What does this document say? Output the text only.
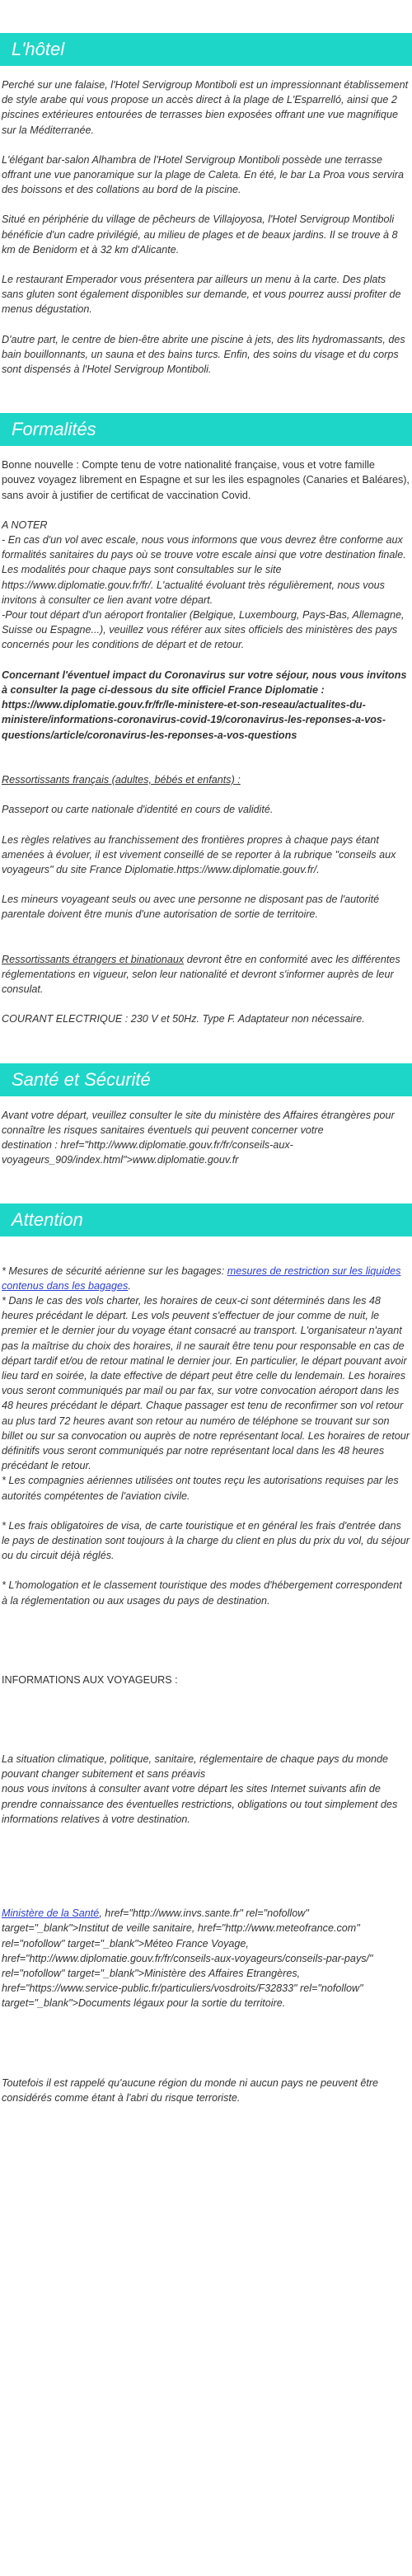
L'hôtel

Perché sur une falaise, l'Hotel Servigroup Montiboli est un impressionnant établissement de style arabe qui vous propose un accès direct à la plage de L'Esparrelló, ainsi que 2 piscines extérieures entourées de terrasses bien exposées offrant une vue magnifique sur la Méditerranée.

L'élégant bar-salon Alhambra de l'Hotel Servigroup Montiboli possède une terrasse offrant une vue panoramique sur la plage de Caleta. En été, le bar La Proa vous servira des boissons et des collations au bord de la piscine.

Situé en périphérie du village de pêcheurs de Villajoyosa, l'Hotel Servigroup Montiboli bénéficie d'un cadre privilégié, au milieu de plages et de beaux jardins. Il se trouve à 8 km de Benidorm et à 32 km d'Alicante.

Le restaurant Emperador vous présentera par ailleurs un menu à la carte. Des plats sans gluten sont également disponibles sur demande, et vous pourrez aussi profiter de menus dégustation.

D'autre part, le centre de bien-être abrite une piscine à jets, des lits hydromassants, des bain bouillonnants, un sauna et des bains turcs. Enfin, des soins du visage et du corps sont dispensés à l'Hotel Servigroup Montiboli.

Formalités

Bonne nouvelle : Compte tenu de votre nationalité française, vous et votre famille pouvez voyagez librement en Espagne et sur les iles espagnoles (Canaries et Baléares), sans avoir à justifier de certificat de vaccination Covid.

A NOTER
- En cas d'un vol avec escale, nous vous informons que vous devrez être conforme aux formalités sanitaires du pays où se trouve votre escale ainsi que votre destination finale.
Les modalités pour chaque pays sont consultables sur le site https://www.diplomatie.gouv.fr/fr/. L'actualité évoluant très régulièrement, nous vous invitons à consulter ce lien avant votre départ.
-Pour tout départ d'un aéroport frontalier (Belgique, Luxembourg, Pays-Bas, Allemagne, Suisse ou Espagne...), veuillez vous référer aux sites officiels des ministères des pays concernés pour les conditions de départ et de retour.

Concernant l'éventuel impact du Coronavirus sur votre séjour, nous vous invitons à consulter la page ci-dessous du site officiel France Diplomatie : https://www.diplomatie.gouv.fr/fr/le-ministere-et-son-reseau/actualites-du-ministere/informations-coronavirus-covid-19/coronavirus-les-reponses-a-vos-questions/article/coronavirus-les-reponses-a-vos-questions

Ressortissants français (adultes, bébés et enfants) :

Passeport ou carte nationale d'identité en cours de validité.

Les règles relatives au franchissement des frontières propres à chaque pays étant amenées à évoluer, il est vivement conseillé de se reporter à la rubrique "conseils aux voyageurs" du site France Diplomatie.https://www.diplomatie.gouv.fr/.

Les mineurs voyageant seuls ou avec une personne ne disposant pas de l'autorité parentale doivent être munis d'une autorisation de sortie de territoire.

Ressortissants étrangers et binationaux devront être en conformité avec les différentes réglementations en vigueur, selon leur nationalité et devront s'informer auprès de leur consulat.

COURANT ELECTRIQUE : 230 V et 50Hz. Type F. Adaptateur non nécessaire.

Santé et Sécurité

Avant votre départ, veuillez consulter le site du ministère des Affaires étrangères pour connaître les risques sanitaires éventuels qui peuvent concerner votre
destination : href="http://www.diplomatie.gouv.fr/fr/conseils-aux-voyageurs_909/index.html">www.diplomatie.gouv.fr

Attention

* Mesures de sécurité aérienne sur les bagages: mesures de restriction sur les liquides contenus dans les bagages.

* Dans le cas des vols charter, les horaires de ceux-ci sont déterminés dans les 48 heures précédant le départ. Les vols peuvent s'effectuer de jour comme de nuit, le premier et le dernier jour du voyage étant consacré au transport. L'organisateur n'ayant pas la maîtrise du choix des horaires, il ne saurait être tenu pour responsable en cas de départ tardif et/ou de retour matinal le dernier jour. En particulier, le départ pouvant avoir lieu tard en soirée, la date effective de départ peut être celle du lendemain. Les horaires vous seront communiqués par mail ou par fax, sur votre convocation aéroport dans les 48 heures précédant le départ. Chaque passager est tenu de reconfirmer son vol retour au plus tard 72 heures avant son retour au numéro de téléphone se trouvant sur son billet ou sur sa convocation ou auprès de notre représentant local. Les horaires de retour définitifs vous seront communiqués par notre représentant local dans les 48 heures précédant le retour.
* Les compagnies aériennes utilisées ont toutes reçu les autorisations requises par les autorités compétentes de l'aviation civile.

* Les frais obligatoires de visa, de carte touristique et en général les frais d'entrée dans le pays de destination sont toujours à la charge du client en plus du prix du vol, du séjour ou du circuit déjà réglés.

* L'homologation et le classement touristique des modes d'hébergement correspondent à la réglementation ou aux usages du pays de destination.

INFORMATIONS AUX VOYAGEURS :

La situation climatique, politique, sanitaire, réglementaire de chaque pays du monde pouvant changer subitement et sans préavis
nous vous invitons à consulter avant votre départ les sites Internet suivants afin de prendre connaissance des éventuelles restrictions, obligations ou tout simplement des informations relatives à votre destination.

Ministère de la Santé, href="http://www.invs.sante.fr" rel="nofollow" target="_blank">Institut de veille sanitaire, href="http://www.meteofrance.com" rel="nofollow" target="_blank">Méteo France Voyage, href="http://www.diplomatie.gouv.fr/fr/conseils-aux-voyageurs/conseils-par-pays/" rel="nofollow" target="_blank">Ministère des Affaires Etrangères, href="https://www.service-public.fr/particuliers/vosdroits/F32833" rel="nofollow" target="_blank">Documents légaux pour la sortie du territoire.

Toutefois il est rappelé qu'aucune région du monde ni aucun pays ne peuvent être considérés comme étant à l'abri du risque terroriste.
